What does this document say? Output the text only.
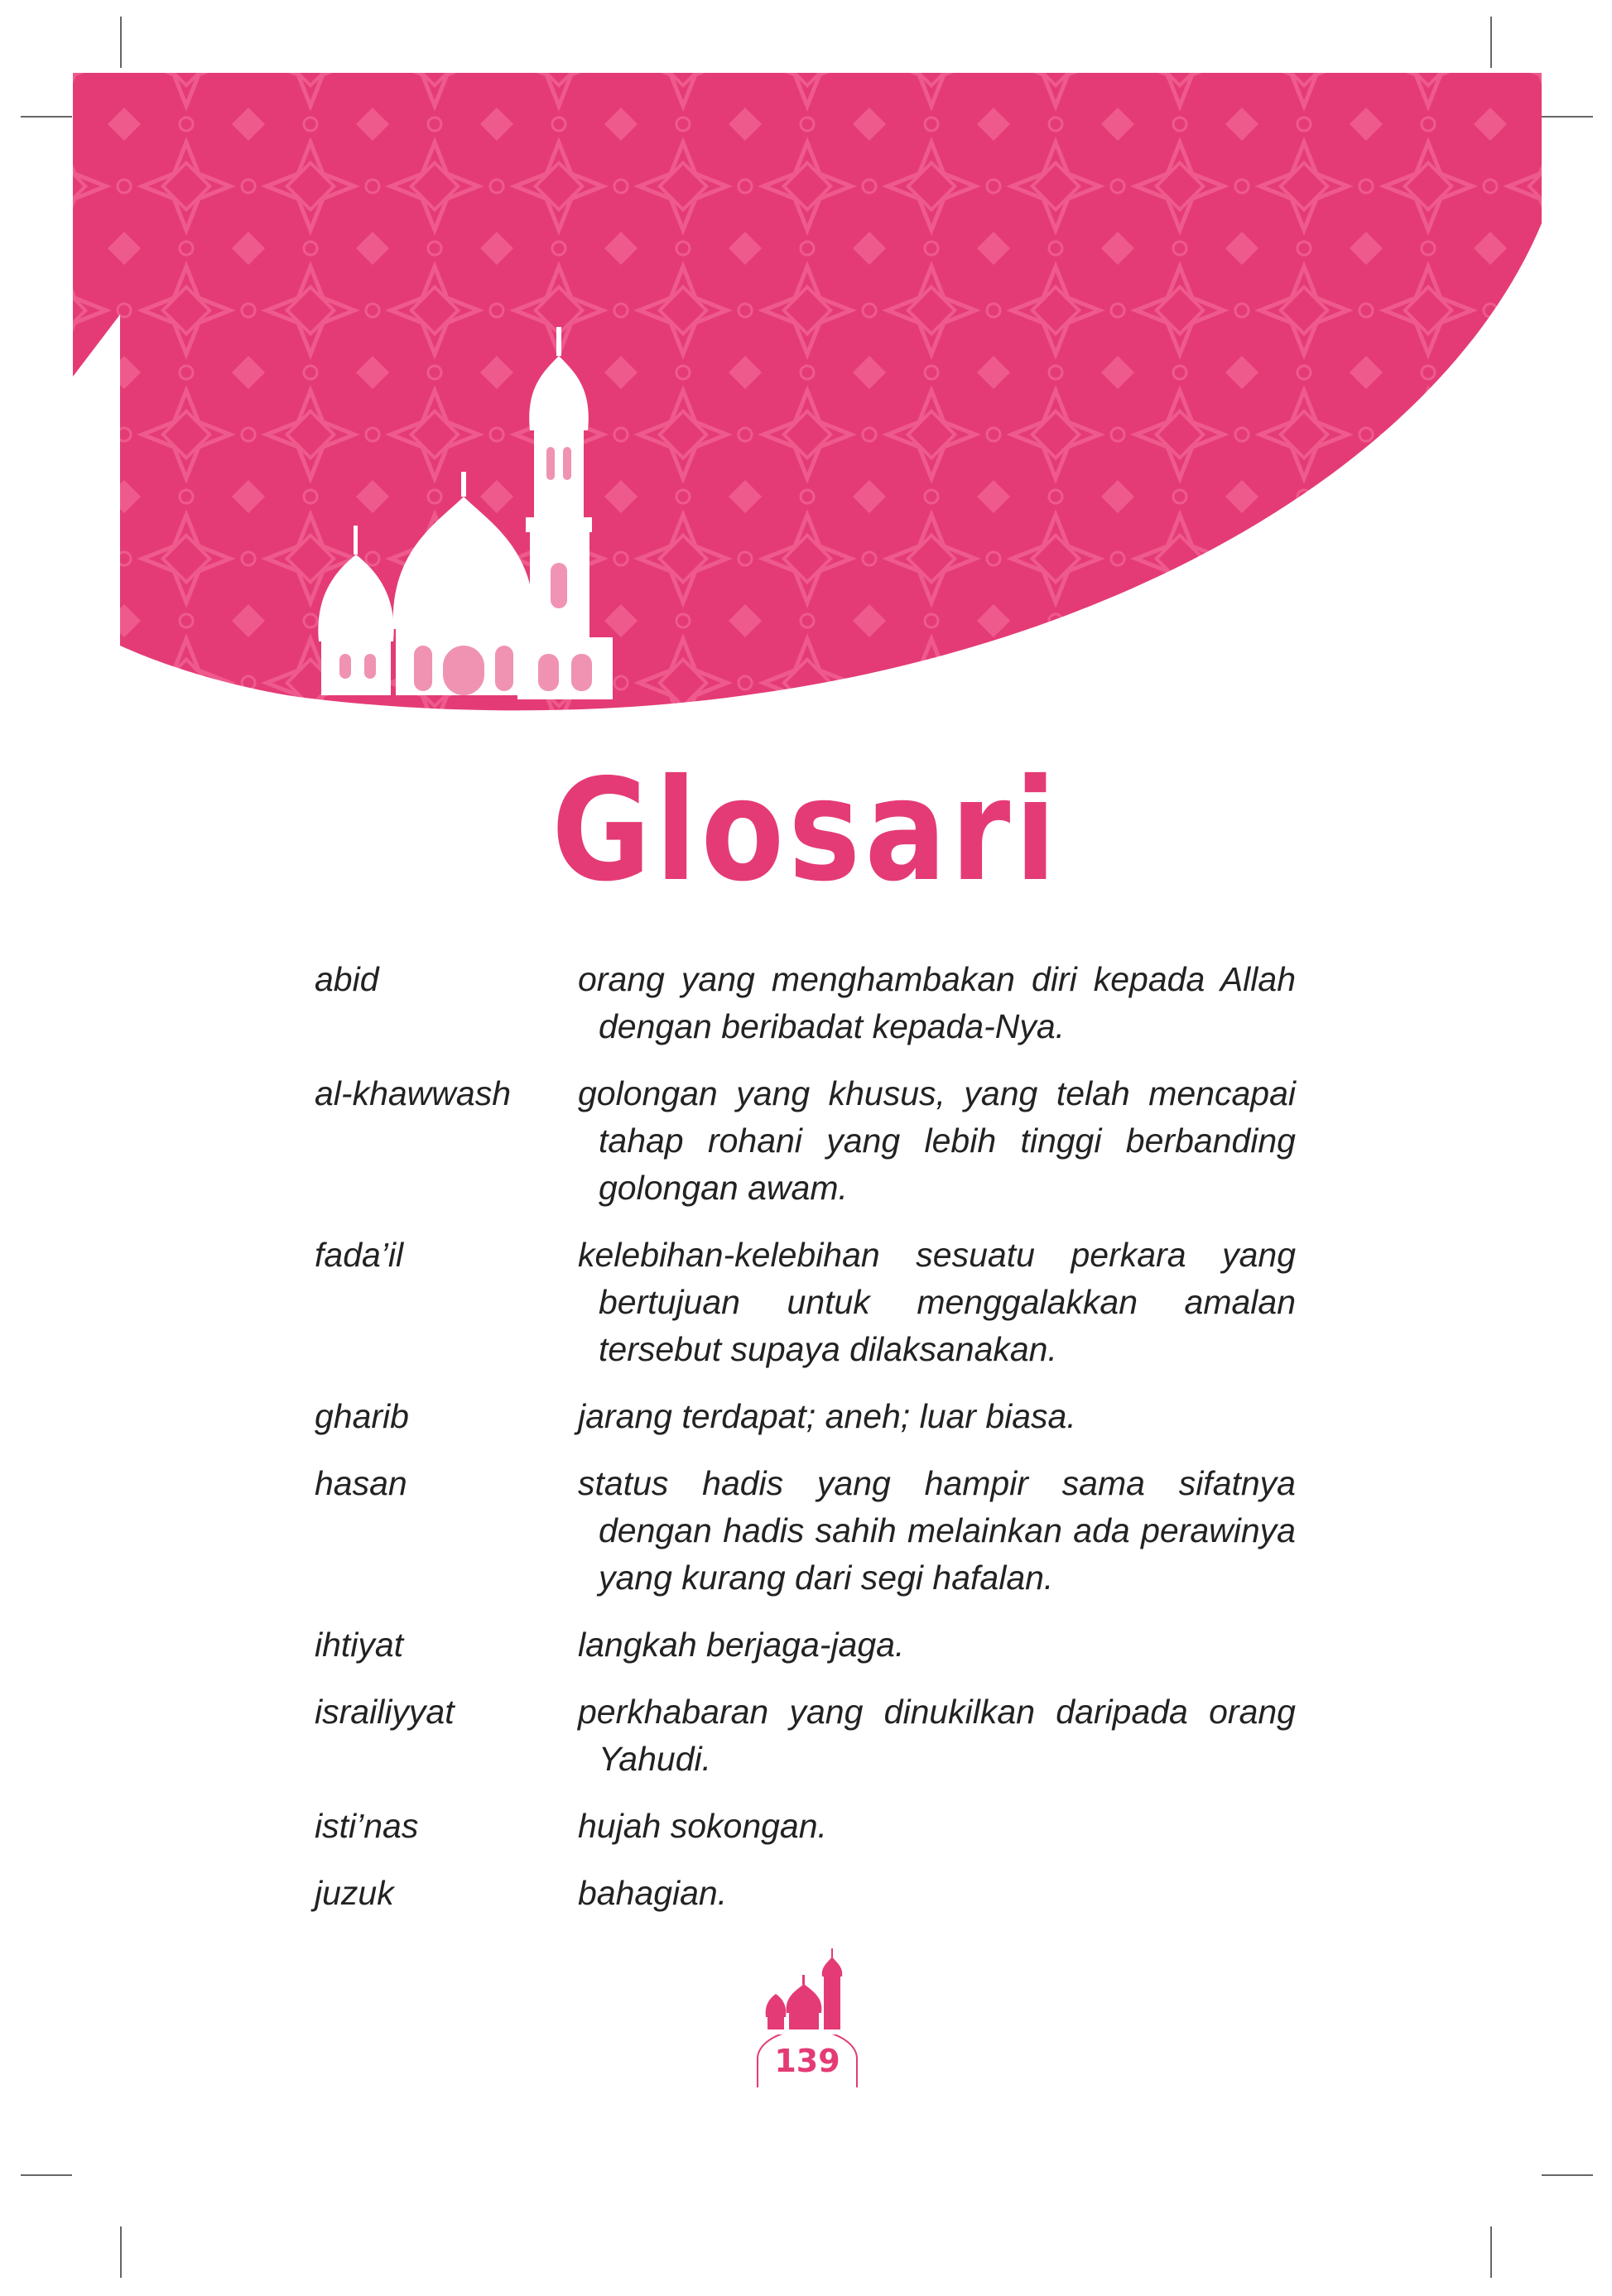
Glosari
abid	orang yang menghambakan diri kepada Allah dengan beribadat kepada-Nya.
al-khawwash	golongan yang khusus, yang telah mencapai tahap rohani yang lebih tinggi berbanding golongan awam.
fada’il	kelebihan-kelebihan sesuatu perkara yang bertujuan untuk menggalakkan amalan tersebut supaya dilaksanakan.
gharib	jarang terdapat; aneh; luar biasa.
hasan	status hadis yang hampir sama sifatnya dengan hadis sahih melainkan ada perawinya yang kurang dari segi hafalan.
ihtiyat	langkah berjaga-jaga.
israiliyyat	perkhabaran yang dinukilkan daripada orang Yahudi.
isti’nas	hujah sokongan.
juzuk	bahagian.
139
